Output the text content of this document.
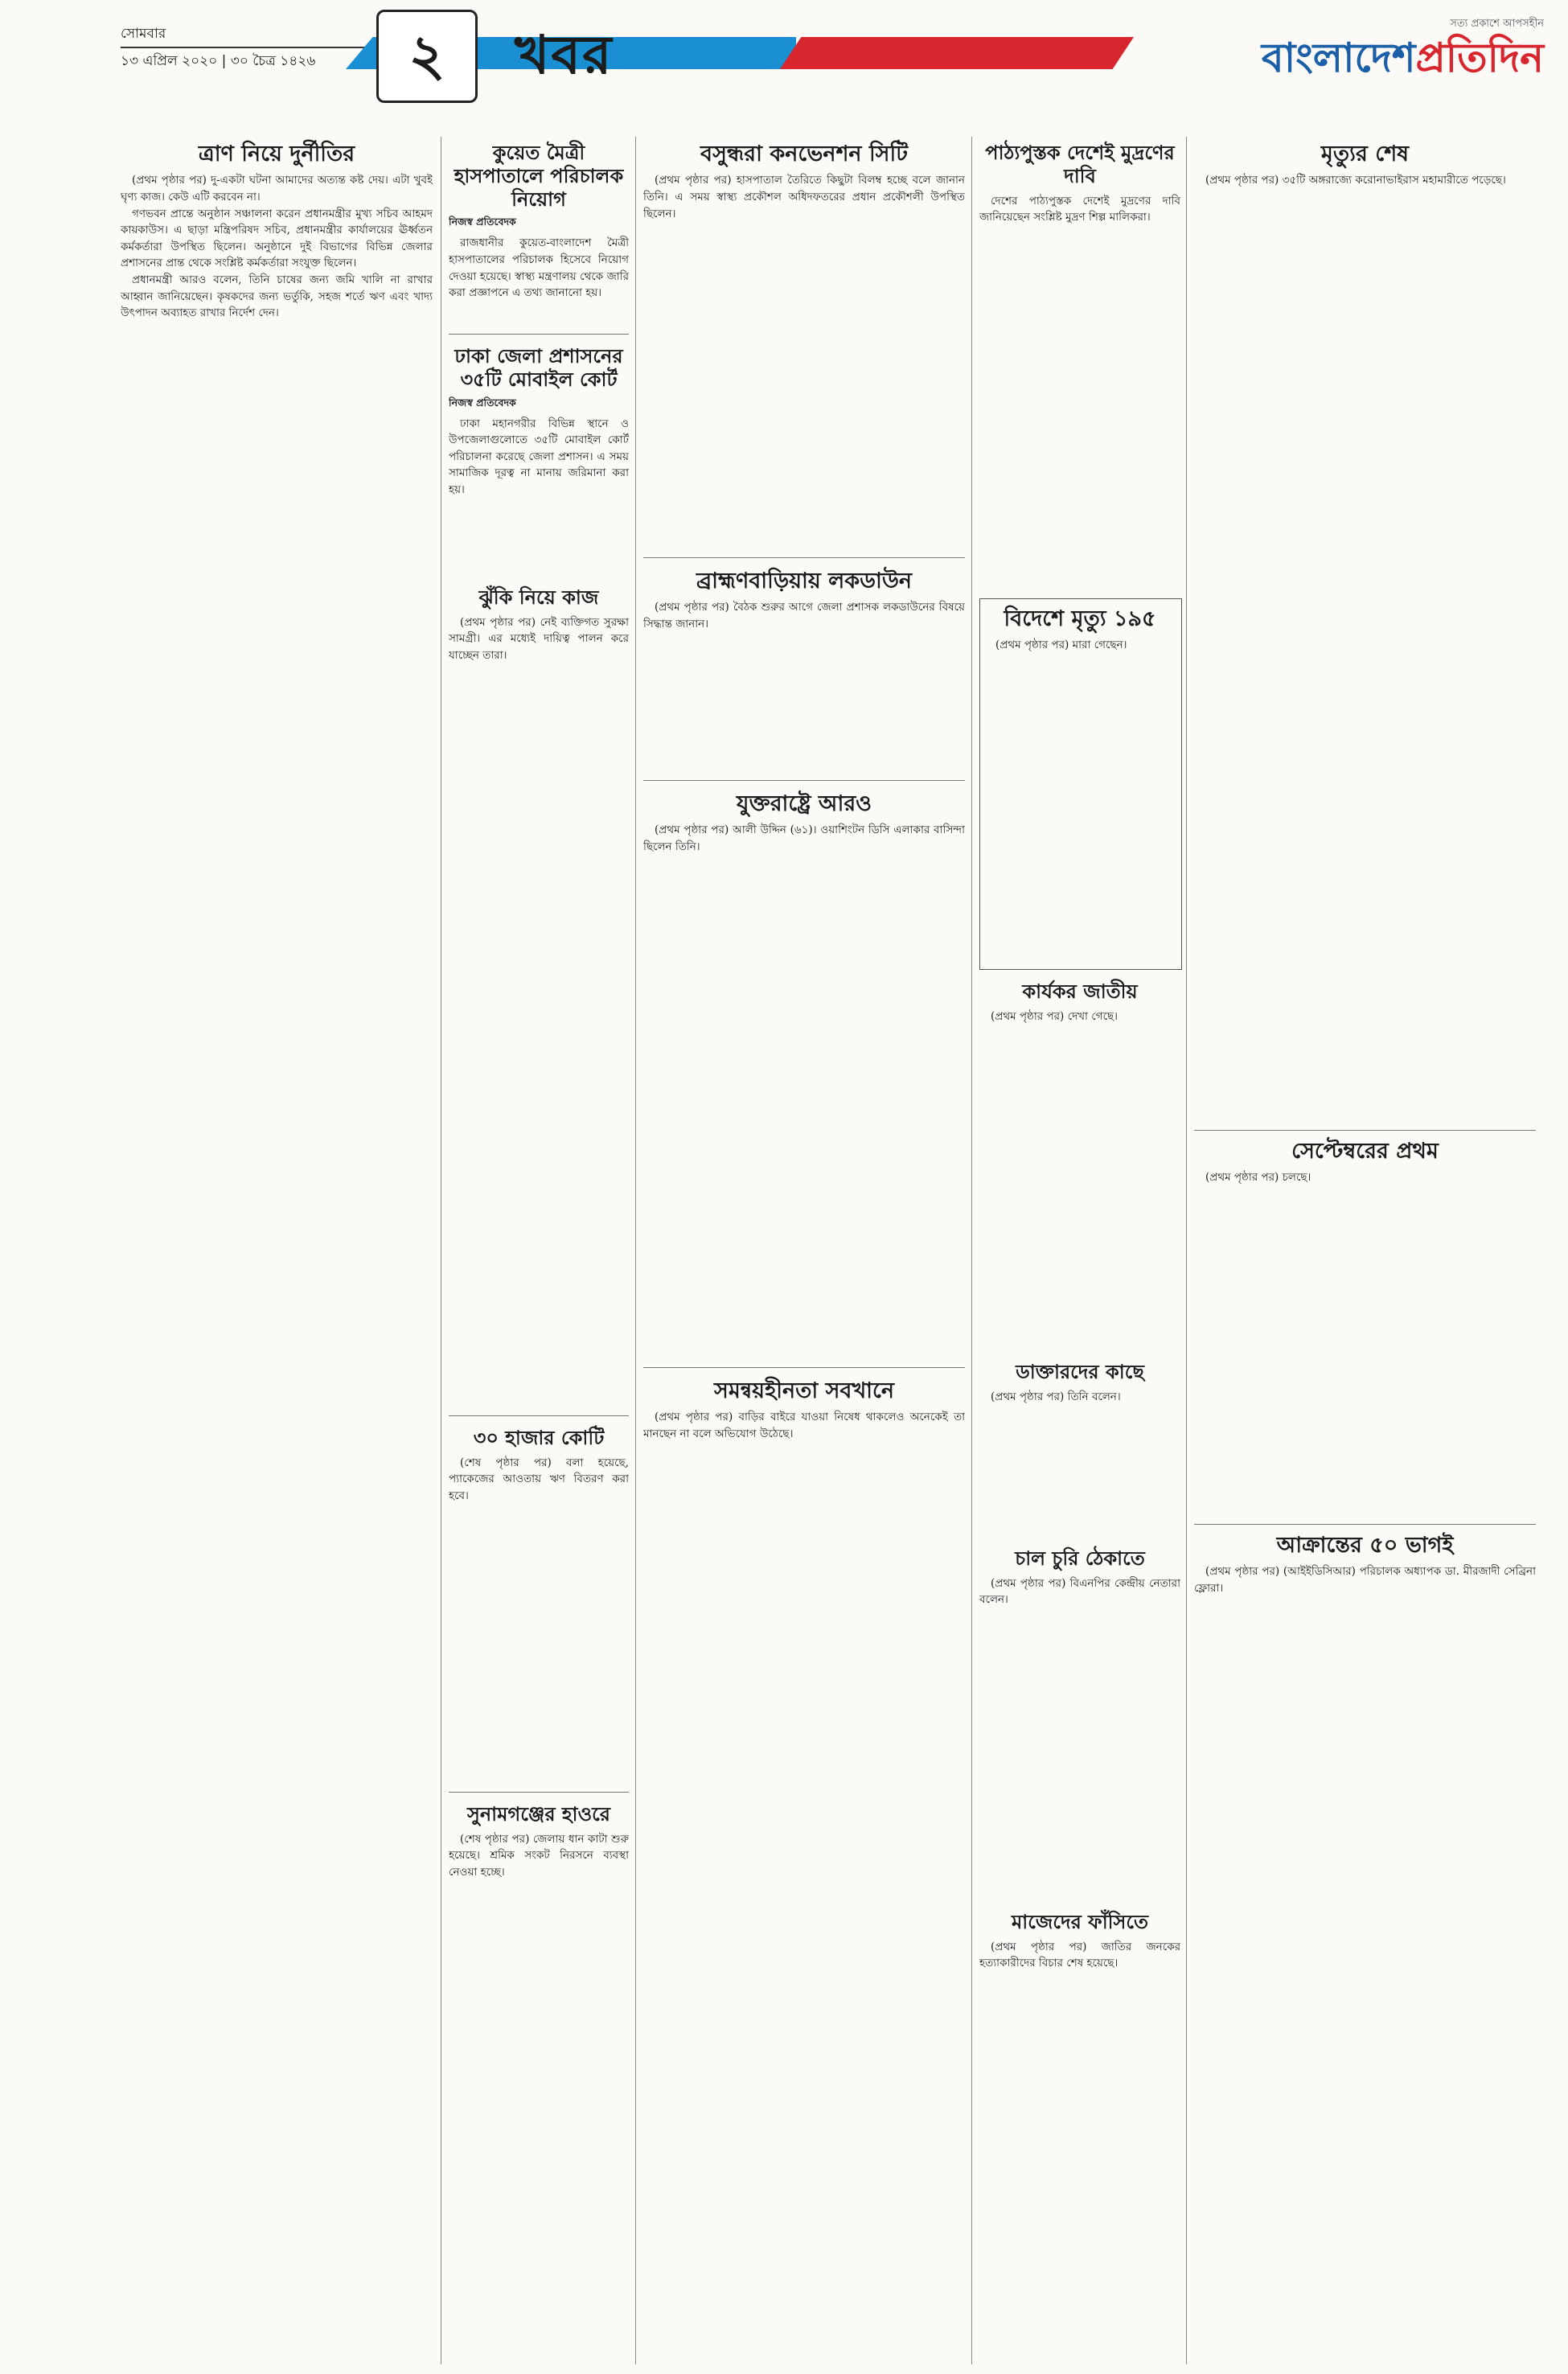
সোমবার
১৩ এপ্রিল ২০২০ | ৩০ চৈত্র ১৪২৬	২	খবর
সত্য প্রকাশে আপসহীন
বাংলাদেশপ্রতিদিন
ত্রাণ নিয়ে দুর্নীতির

(প্রথম পৃষ্ঠার পর) দু-একটা ঘটনা আমাদের অত্যন্ত কষ্ট দেয়। এটা খুবই ঘৃণ্য কাজ। কেউ এটি করবেন না।

গণভবন প্রান্তে অনুষ্ঠান সঞ্চালনা করেন প্রধানমন্ত্রীর মুখ্য সচিব আহমদ কায়কাউস। এ ছাড়া মন্ত্রিপরিষদ সচিব, প্রধানমন্ত্রীর কার্যালয়ের ঊর্ধ্বতন কর্মকর্তারা উপস্থিত ছিলেন। অনুষ্ঠানে দুই বিভাগের বিভিন্ন জেলার প্রশাসনের প্রান্ত থেকে সংশ্লিষ্ট কর্মকর্তারা সংযুক্ত ছিলেন।

প্রধানমন্ত্রী আরও বলেন, তিনি চাষের জন্য জমি খালি না রাখার আহ্বান জানিয়েছেন। কৃষকদের জন্য ভর্তুকি, সহজ শর্তে ঋণ এবং খাদ্য উৎপাদন অব্যাহত রাখার নির্দেশ দেন।

কুয়েত মৈত্রী হাসপাতালে পরিচালক নিয়োগ
নিজস্ব প্রতিবেদক

রাজধানীর কুয়েত-বাংলাদেশ মৈত্রী হাসপাতালের পরিচালক হিসেবে নিয়োগ দেওয়া হয়েছে। স্বাস্থ্য মন্ত্রণালয় থেকে জারি করা প্রজ্ঞাপনে এ তথ্য জানানো হয়।

ঢাকা জেলা প্রশাসনের ৩৫টি মোবাইল কোর্ট
নিজস্ব প্রতিবেদক

ঢাকা মহানগরীর বিভিন্ন স্থানে ও উপজেলাগুলোতে ৩৫টি মোবাইল কোর্ট পরিচালনা করেছে জেলা প্রশাসন। এ সময় সামাজিক দূরত্ব না মানায় জরিমানা করা হয়।

ঝুঁকি নিয়ে কাজ

(প্রথম পৃষ্ঠার পর) নেই ব্যক্তিগত সুরক্ষা সামগ্রী। এর মধ্যেই দায়িত্ব পালন করে যাচ্ছেন তারা।

৩০ হাজার কোটি

(শেষ পৃষ্ঠার পর) বলা হয়েছে, প্যাকেজের আওতায় ঋণ বিতরণ করা হবে।

সুনামগঞ্জের হাওরে

(শেষ পৃষ্ঠার পর) জেলায় ধান কাটা শুরু হয়েছে। শ্রমিক সংকট নিরসনে ব্যবস্থা নেওয়া হচ্ছে।

বসুন্ধরা কনভেনশন সিটি

(প্রথম পৃষ্ঠার পর) হাসপাতাল তৈরিতে কিছুটা বিলম্ব হচ্ছে বলে জানান তিনি। এ সময় স্বাস্থ্য প্রকৌশল অধিদফতরের প্রধান প্রকৌশলী উপস্থিত ছিলেন।

ব্রাহ্মণবাড়িয়ায় লকডাউন

(প্রথম পৃষ্ঠার পর) বৈঠক শুরুর আগে জেলা প্রশাসক লকডাউনের বিষয়ে সিদ্ধান্ত জানান।

যুক্তরাষ্ট্রে আরও

(প্রথম পৃষ্ঠার পর) আলী উদ্দিন (৬১)। ওয়াশিংটন ডিসি এলাকার বাসিন্দা ছিলেন তিনি।

সমন্বয়হীনতা সবখানে

(প্রথম পৃষ্ঠার পর) বাড়ির বাইরে যাওয়া নিষেধ থাকলেও অনেকেই তা মানছেন না বলে অভিযোগ উঠেছে।

পাঠ্যপুস্তক দেশেই মুদ্রণের দাবি

দেশের পাঠ্যপুস্তক দেশেই মুদ্রণের দাবি জানিয়েছেন সংশ্লিষ্ট মুদ্রণ শিল্প মালিকরা।

বিদেশে মৃত্যু ১৯৫

(প্রথম পৃষ্ঠার পর) মারা গেছেন।

কার্যকর জাতীয়

(প্রথম পৃষ্ঠার পর) দেখা গেছে।

ডাক্তারদের কাছে

(প্রথম পৃষ্ঠার পর) তিনি বলেন।

চাল চুরি ঠেকাতে

(প্রথম পৃষ্ঠার পর) বিএনপির কেন্দ্রীয় নেতারা বলেন।

মাজেদের ফাঁসিতে

(প্রথম পৃষ্ঠার পর) জাতির জনকের হত্যাকারীদের বিচার শেষ হয়েছে।

মৃত্যুর শেষ

(প্রথম পৃষ্ঠার পর) ৩৫টি অঙ্গরাজ্যে করোনাভাইরাস মহামারীতে পড়েছে।

সেপ্টেম্বরের প্রথম

(প্রথম পৃষ্ঠার পর) চলছে।

আক্রান্তের ৫০ ভাগই

(প্রথম পৃষ্ঠার পর) (আইইডিসিআর) পরিচালক অধ্যাপক ডা. মীরজাদী সেব্রিনা ফ্লোরা।
